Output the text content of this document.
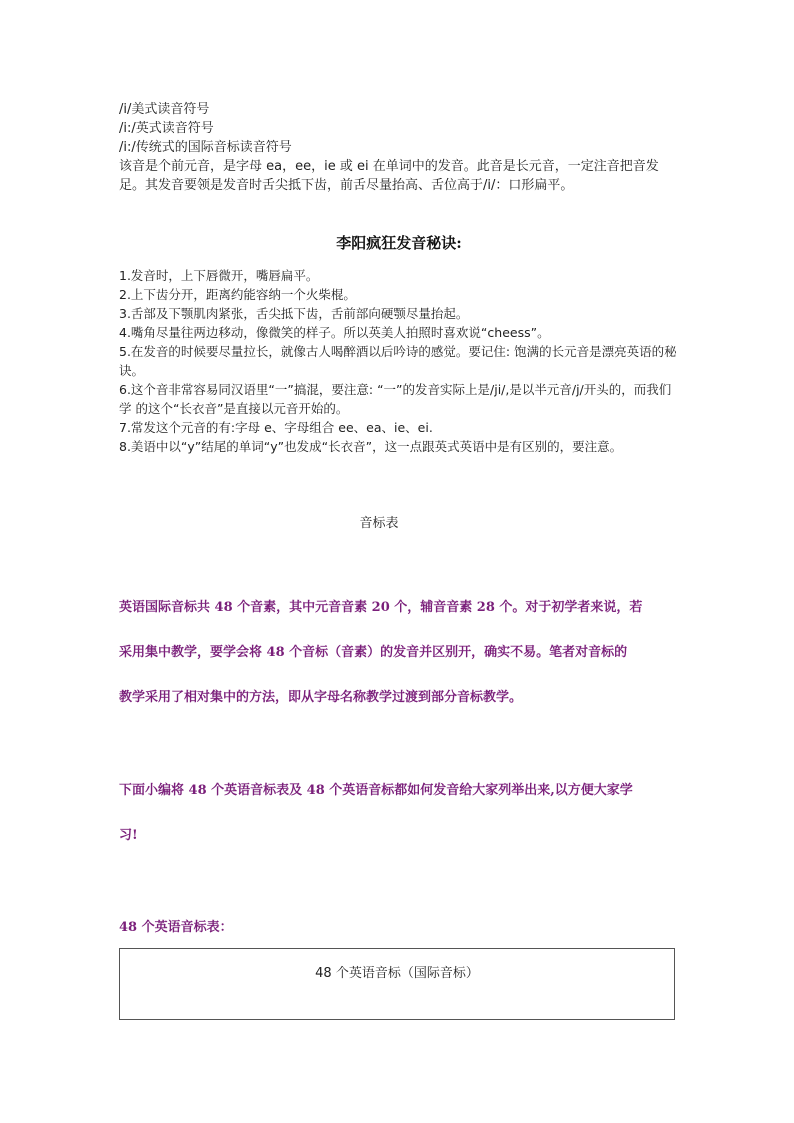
/i/美式读音符号
/i:/英式读音符号
/i:/传统式的国际音标读音符号
该音是个前元音，是字母 ea，ee，ie 或 ei 在单词中的发音。此音是长元音，一定注音把音发足。其发音要领是发音时舌尖抵下齿，前舌尽量抬高、舌位高于/i/：口形扁平。
李阳疯狂发音秘诀:
1.发音时，上下唇微开，嘴唇扁平。
2.上下齿分开，距离约能容纳一个火柴棍。
3.舌部及下颚肌肉紧张，舌尖抵下齿，舌前部向硬颚尽量抬起。
4.嘴角尽量往两边移动，像微笑的样子。所以英美人拍照时喜欢说“cheess”。
5.在发音的时候要尽量拉长，就像古人喝醉酒以后吟诗的感觉。要记住: 饱满的长元音是漂亮英语的秘诀。
6.这个音非常容易同汉语里“一”搞混，要注意: “一”的发音实际上是/ji/,是以半元音/j/开头的，而我们学 的这个“长衣音”是直接以元音开始的。
7.常发这个元音的有:字母 e、字母组合 ee、ea、ie、ei.
8.美语中以“y”结尾的单词“y”也发成“长衣音”，这一点跟英式英语中是有区别的，要注意。
音标表
英语国际音标共 48 个音素，其中元音音素 20 个，辅音音素 28 个。对于初学者来说，若
采用集中教学，要学会将 48 个音标（音素）的发音并区别开，确实不易。笔者对音标的
教学采用了相对集中的方法，即从字母名称教学过渡到部分音标教学。
下面小编将 48 个英语音标表及 48 个英语音标都如何发音给大家列举出来,以方便大家学
习!
48 个英语音标表：
48 个英语音标（国际音标）
